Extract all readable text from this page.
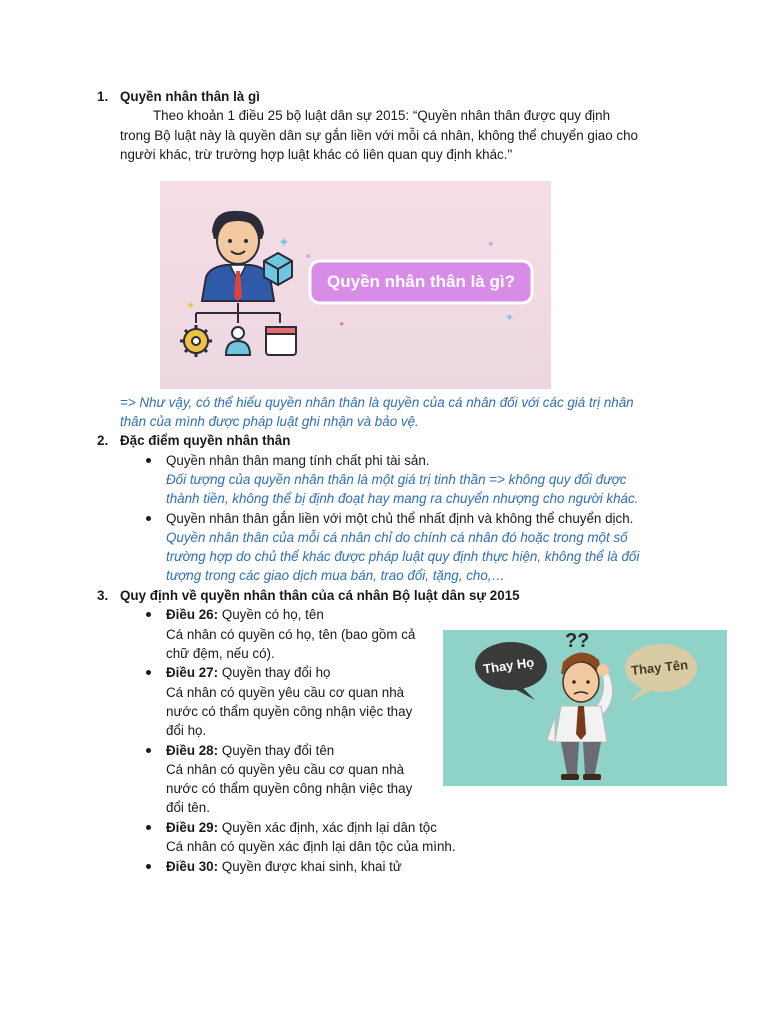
1. Quyền nhân thân là gì
Theo khoản 1 điều 25 bộ luật dân sự 2015: “Quyền nhân thân được quy định
trong Bộ luật này là quyền dân sự gắn liền với mỗi cá nhân, không thể chuyển giao cho
người khác, trừ trường hợp luật khác có liên quan quy định khác."
✦
✦
✦
✦
✦
✦
Quyền nhân thân là gì?
=> Như vậy, có thể hiểu quyền nhân thân là quyền của cá nhân đối với các giá trị nhân
thân của mình được pháp luật ghi nhận và bảo vệ.
2. Đặc điểm quyền nhân thân
Quyền nhân thân mang tính chất phi tài sản.
Đối tượng của quyền nhân thân là một giá trị tinh thần => không quy đổi được
thành tiền, không thể bị định đoạt hay mang ra chuyển nhượng cho người khác.
Quyền nhân thân gắn liền với một chủ thể nhất định và không thể chuyển dịch.
Quyền nhân thân của mỗi cá nhân chỉ do chính cá nhân đó hoặc trong một số
trường hợp do chủ thể khác được pháp luật quy định thực hiện, không thể là đối
tượng trong các giao dịch mua bán, trao đổi, tặng, cho,…
3. Quy định về quyền nhân thân của cá nhân Bộ luật dân sự 2015
Điều 26: Quyền có họ, tên
Cá nhân có quyền có họ, tên (bao gồm cả
chữ đệm, nếu có).
Điều 27: Quyền thay đổi họ
Cá nhân có quyền yêu cầu cơ quan nhà
nước có thẩm quyền công nhận việc thay
đổi họ.
Điều 28: Quyền thay đổi tên
Cá nhân có quyền yêu cầu cơ quan nhà
nước có thẩm quyền công nhận việc thay
đổi tên.
Điều 29: Quyền xác định, xác định lại dân tộc
Cá nhân có quyền xác định lại dân tộc của mình.
Điều 30: Quyền được khai sinh, khai tử
Thay Họ	Thay Tên
??
